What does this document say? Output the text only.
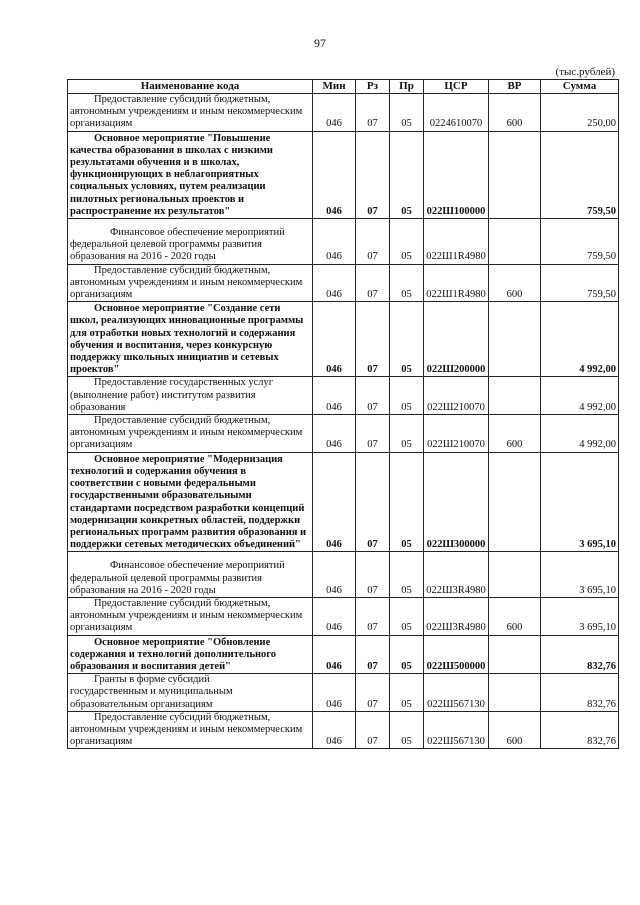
97
(тыс.рублей)
Наименование кода	Мин	Рз	Пр	ЦСР	ВР	Сумма

Предоставление субсидий бюджетным,
автономным учреждениям и иным некоммерческим организациям	046	07	05	0224610070	600	250,00

Основное мероприятие "Повышение
качества образования в школах с низкими результатами обучения и в школах, функционирующих в неблагоприятных социальных условиях, путем реализации пилотных региональных проектов и распространение их результатов"	046	07	05	022Ш100000		759,50

Финансовое обеспечение мероприятий
федеральной целевой программы развития образования на 2016 - 2020 годы	046	07	05	022Ш1R4980		759,50

Предоставление субсидий бюджетным,
автономным учреждениям и иным некоммерческим организациям	046	07	05	022Ш1R4980	600	759,50

Основное мероприятие "Создание сети
школ, реализующих инновационные программы для отработки новых технологий и содержания обучения и воспитания, через конкурсную поддержку школьных инициатив и сетевых проектов"	046	07	05	022Ш200000		4 992,00

Предоставление государственных услуг
(выполнение работ) институтом развития образования	046	07	05	022Ш210070		4 992,00

Предоставление субсидий бюджетным,
автономным учреждениям и иным некоммерческим организациям	046	07	05	022Ш210070	600	4 992,00

Основное мероприятие "Модернизация
технологий и содержания обучения в соответствии с новыми федеральными государственными образовательными стандартами посредством разработки концепций модернизации конкретных областей, поддержки региональных программ развития образования и поддержки сетевых методических объединений"	046	07	05	022Ш300000		3 695,10

Финансовое обеспечение мероприятий
федеральной целевой программы развития образования на 2016 - 2020 годы	046	07	05	022Ш3R4980		3 695,10

Предоставление субсидий бюджетным,
автономным учреждениям и иным некоммерческим организациям	046	07	05	022Ш3R4980	600	3 695,10

Основное мероприятие "Обновление
содержания и технологий дополнительного образования и воспитания детей"	046	07	05	022Ш500000		832,76

Гранты в форме субсидий
государственным и муниципальным образовательным организациям	046	07	05	022Ш567130		832,76

Предоставление субсидий бюджетным,
автономным учреждениям и иным некоммерческим организациям	046	07	05	022Ш567130	600	832,76
